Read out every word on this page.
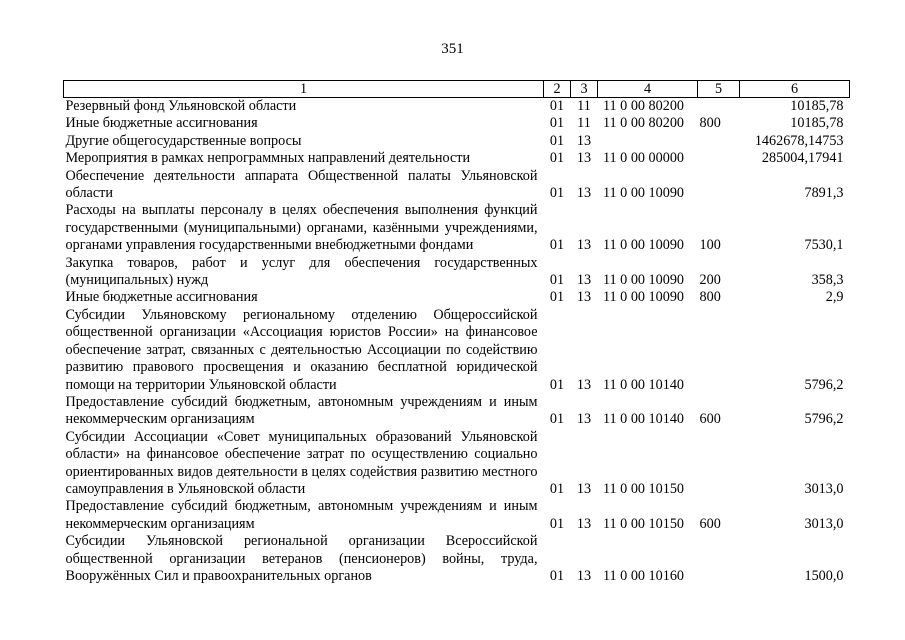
351
1	2	3	4	5	6
Резервный фонд Ульяновской области	01	11	11 0 00 80200		10185,78
Иные бюджетные ассигнования	01	11	11 0 00 80200	800	10185,78
Другие общегосударственные вопросы	01	13			1462678,14753
Мероприятия в рамках непрограммных направлений деятельности	01	13	11 0 00 00000		285004,17941
Обеспечение деятельности аппарата Общественной палаты Ульяновской области	01	13	11 0 00 10090		7891,3
Расходы на выплаты персоналу в целях обеспечения выполнения функций государственными (муниципальными) органами, казёнными учреждениями, органами управления государственными внебюджетными фондами	01	13	11 0 00 10090	100	7530,1
Закупка товаров, работ и услуг для обеспечения государственных (муниципальных) нужд	01	13	11 0 00 10090	200	358,3
Иные бюджетные ассигнования	01	13	11 0 00 10090	800	2,9
Субсидии Ульяновскому региональному отделению Общероссийской общественной организации «Ассоциация юристов России» на финансовое обеспечение затрат, связанных с деятельностью Ассоциации по содействию развитию правового просвещения и оказанию бесплатной юридической помощи на территории Ульяновской области	01	13	11 0 00 10140		5796,2
Предоставление субсидий бюджетным, автономным учреждениям и иным некоммерческим организациям	01	13	11 0 00 10140	600	5796,2
Субсидии Ассоциации «Совет муниципальных образований Ульяновской области» на финансовое обеспечение затрат по осуществлению социально ориентированных видов деятельности в целях содействия развитию местного самоуправления в Ульяновской области	01	13	11 0 00 10150		3013,0
Предоставление субсидий бюджетным, автономным учреждениям и иным некоммерческим организациям	01	13	11 0 00 10150	600	3013,0
Субсидии Ульяновской региональной организации Всероссийской общественной организации ветеранов (пенсионеров) войны, труда, Вооружённых Сил и правоохранительных органов	01	13	11 0 00 10160		1500,0
